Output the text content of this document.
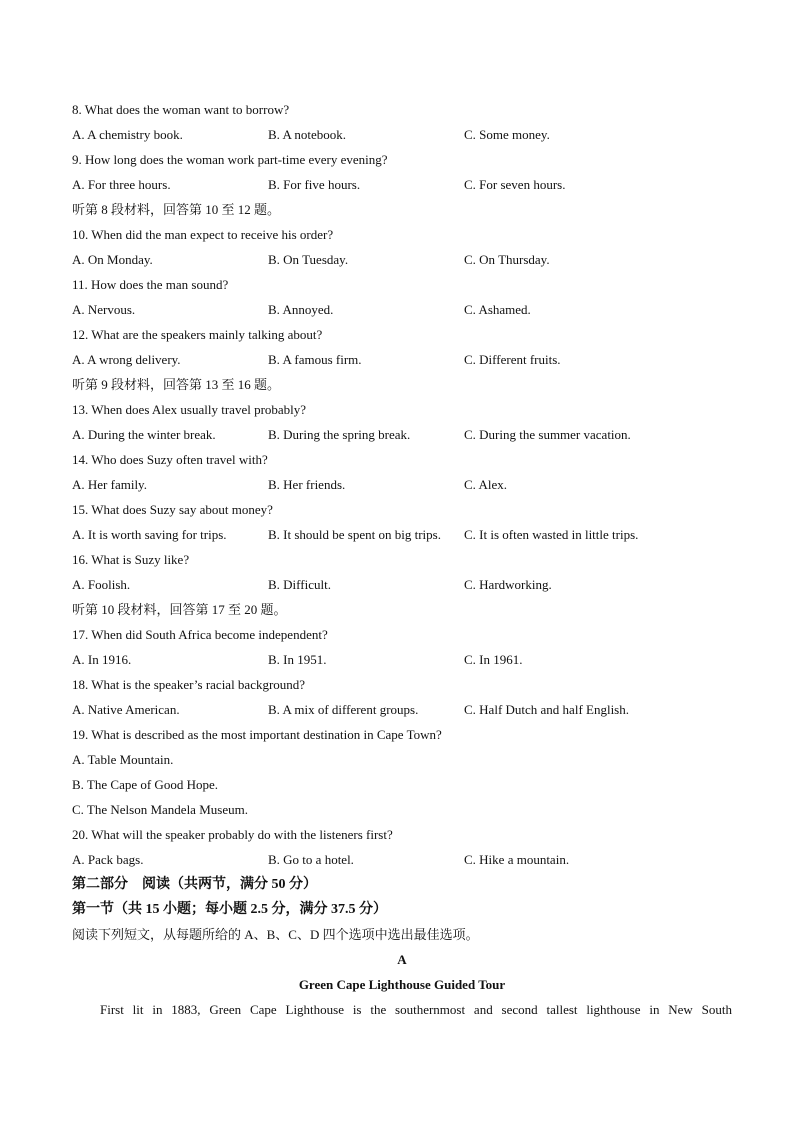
8. What does the woman want to borrow?
A. A chemistry book.	B. A notebook.	C. Some money.
9. How long does the woman work part-time every evening?
A. For three hours.	B. For five hours.	C. For seven hours.
听第 8 段材料，回答第 10 至 12 题。
10. When did the man expect to receive his order?
A. On Monday.	B. On Tuesday.	C. On Thursday.
11. How does the man sound?
A. Nervous.	B. Annoyed.	C. Ashamed.
12. What are the speakers mainly talking about?
A. A wrong delivery.	B. A famous firm.	C. Different fruits.
听第 9 段材料，回答第 13 至 16 题。
13. When does Alex usually travel probably?
A. During the winter break.	B. During the spring break.	C. During the summer vacation.
14. Who does Suzy often travel with?
A. Her family.	B. Her friends.	C. Alex.
15. What does Suzy say about money?
A. It is worth saving for trips.	B. It should be spent on big trips. C. It is often wasted in little trips.
16. What is Suzy like?
A. Foolish.	B. Difficult.	C. Hardworking.
听第 10 段材料，回答第 17 至 20 题。
17. When did South Africa become independent?
A. In 1916.	B. In 1951.	C. In 1961.
18. What is the speaker’s racial background?
A. Native American.	B. A mix of different groups.	C. Half Dutch and half English.
19. What is described as the most important destination in Cape Town?
A. Table Mountain.
B. The Cape of Good Hope.
C. The Nelson Mandela Museum.
20. What will the speaker probably do with the listeners first?
A. Pack bags.	B. Go to a hotel.	C. Hike a mountain.
第二部分　阅读（共两节，满分 50 分）
第一节（共 15 小题；每小题 2.5 分，满分 37.5 分）
阅读下列短文，从每题所给的 A、B、C、D 四个选项中选出最佳选项。
A
Green Cape Lighthouse Guided Tour
First lit in 1883, Green Cape Lighthouse is the southernmost and second tallest lighthouse in New South
